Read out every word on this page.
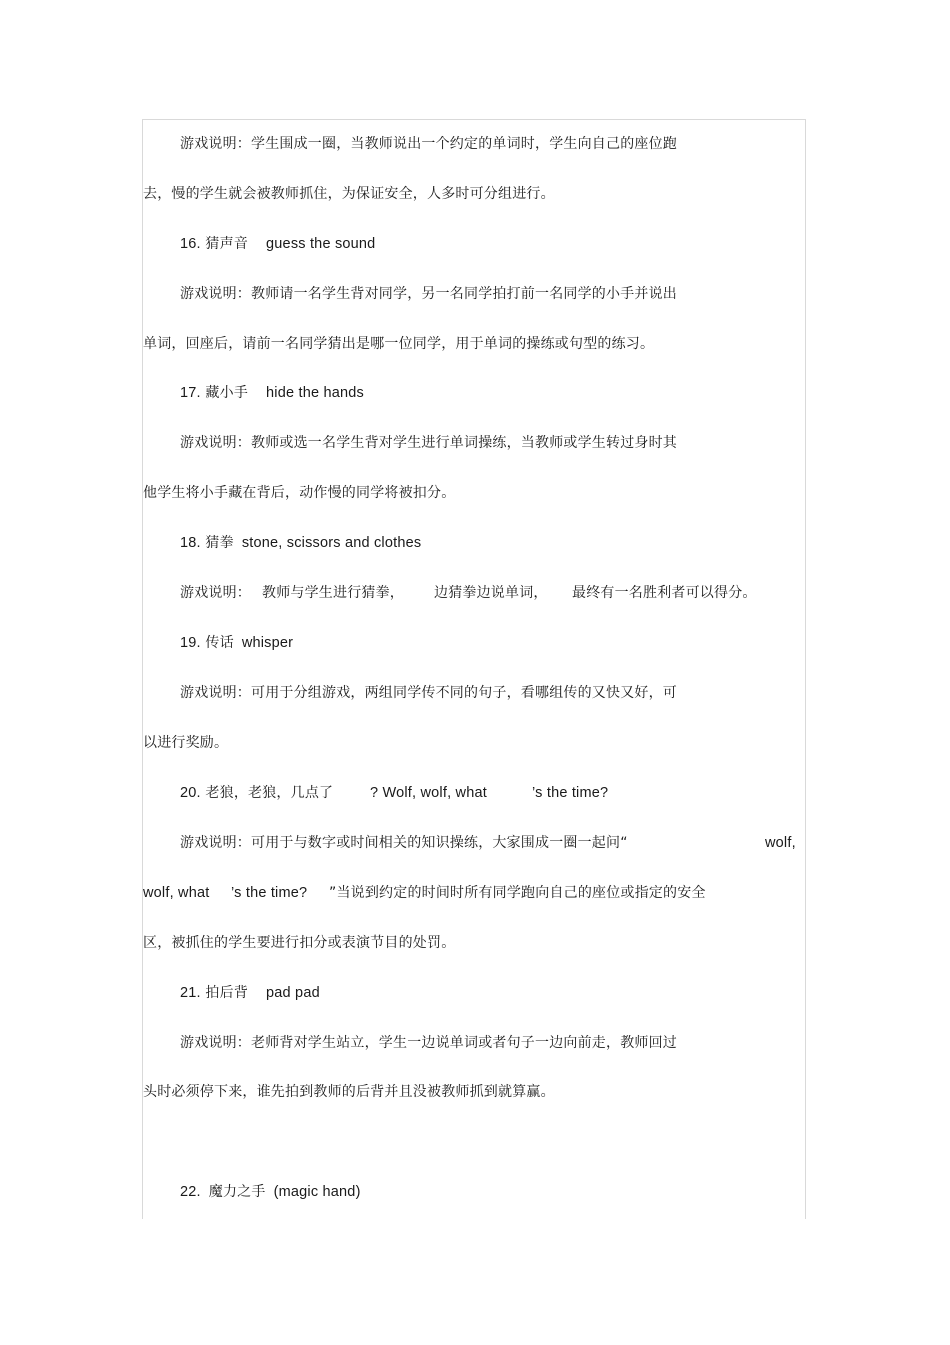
游戏说明：学生围成一圈，当教师说出一个约定的单词时，学生向自己的座位跑
去，慢的学生就会被教师抓住，为保证安全，人多时可分组进行。
16. 猜声音 guess the sound
游戏说明：教师请一名学生背对同学，另一名同学拍打前一名同学的小手并说出
单词，回座后，请前一名同学猜出是哪一位同学，用于单词的操练或句型的练习。
17. 藏小手 hide the hands
游戏说明：教师或选一名学生背对学生进行单词操练，当教师或学生转过身时其
他学生将小手藏在背后，动作慢的同学将被扣分。
18. 猜拳 stone, scissors and clothes
游戏说明： 教师与学生进行猜拳， 边猜拳边说单词， 最终有一名胜利者可以得分。
19. 传话 whisper
游戏说明：可用于分组游戏，两组同学传不同的句子，看哪组传的又快又好，可
以进行奖励。
20. 老狼，老狼，几点了	? Wolf, wolf, what	’s the time?
游戏说明：可用于与数字或时间相关的知识操练，大家围成一圈一起问“	wolf,
wolf, what ’s the time? ”当说到约定的时间时所有同学跑向自己的座位或指定的安全
区，被抓住的学生要进行扣分或表演节目的处罚。
21. 拍后背 pad pad
游戏说明：老师背对学生站立，学生一边说单词或者句子一边向前走，教师回过
头时必须停下来，谁先拍到教师的后背并且没被教师抓到就算赢。
22. 魔力之手 (magic hand)
